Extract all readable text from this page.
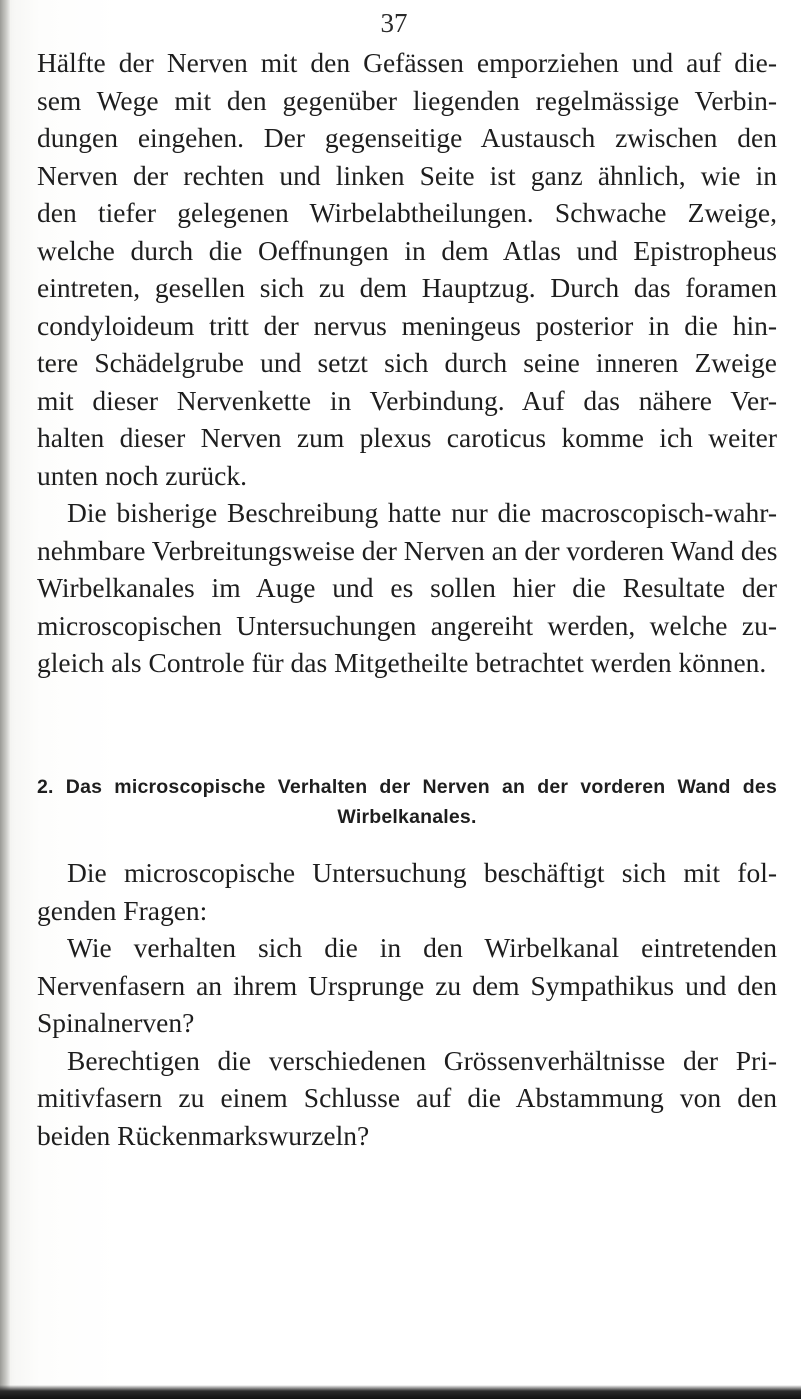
37
Hälfte der Nerven mit den Gefässen emporziehen und auf die-
sem Wege mit den gegenüber liegenden regelmässige Verbin-
dungen eingehen. Der gegenseitige Austausch zwischen den
Nerven der rechten und linken Seite ist ganz ähnlich, wie in
den tiefer gelegenen Wirbelabtheilungen. Schwache Zweige,
welche durch die Oeffnungen in dem Atlas und Epistropheus
eintreten, gesellen sich zu dem Hauptzug. Durch das foramen
condyloideum tritt der nervus meningeus posterior in die hin-
tere Schädelgrube und setzt sich durch seine inneren Zweige
mit dieser Nervenkette in Verbindung. Auf das nähere Ver-
halten dieser Nerven zum plexus caroticus komme ich weiter
unten noch zurück.
Die bisherige Beschreibung hatte nur die macroscopisch-wahr-
nehmbare Verbreitungsweise der Nerven an der vorderen Wand des
Wirbelkanales im Auge und es sollen hier die Resultate der
microscopischen Untersuchungen angereiht werden, welche zu-
gleich als Controle für das Mitgetheilte betrachtet werden können.
2. Das microscopische Verhalten der Nerven an der vorderen Wand des
Wirbelkanales.
Die microscopische Untersuchung beschäftigt sich mit fol-
genden Fragen:
Wie verhalten sich die in den Wirbelkanal eintretenden
Nervenfasern an ihrem Ursprunge zu dem Sympathikus und den
Spinalnerven?
Berechtigen die verschiedenen Grössenverhältnisse der Pri-
mitivfasern zu einem Schlusse auf die Abstammung von den
beiden Rückenmarkswurzeln?
